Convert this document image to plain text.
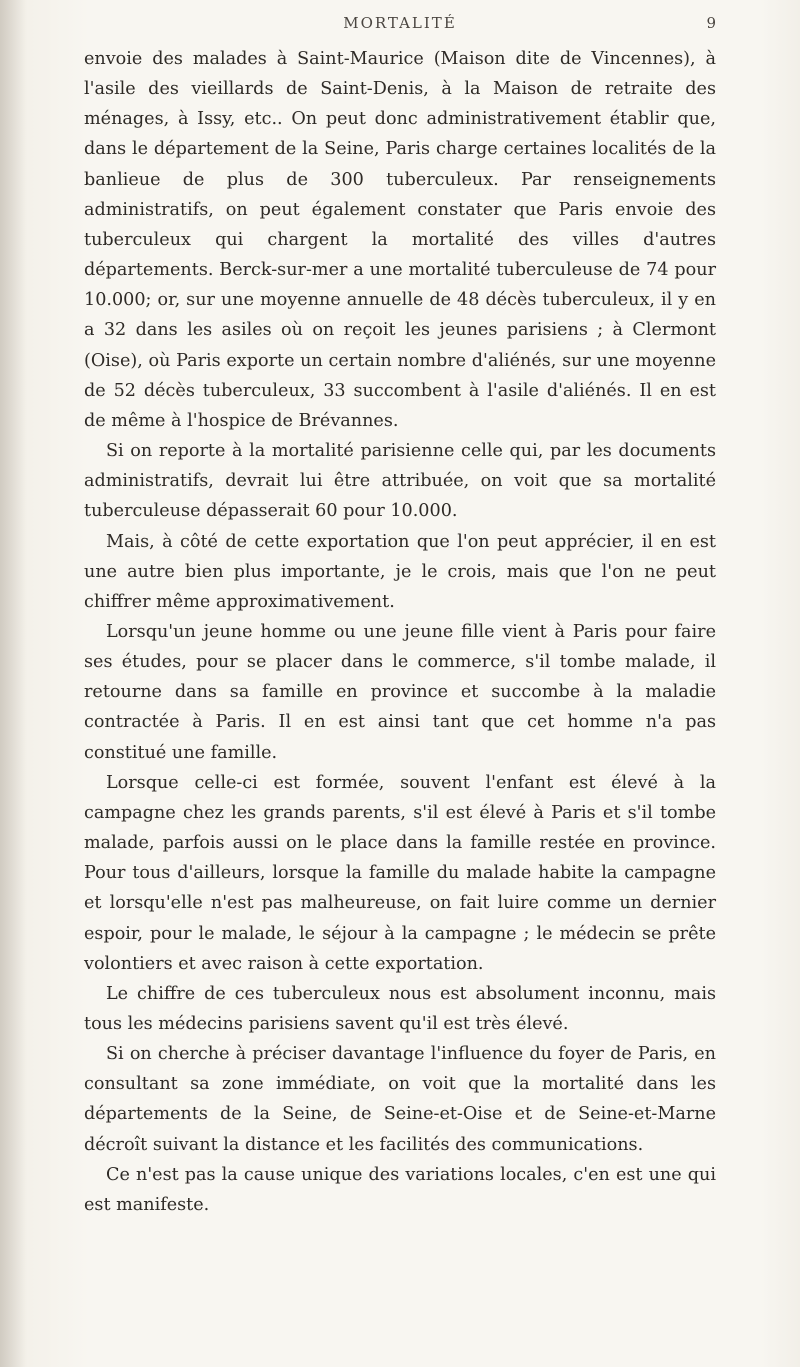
MORTALITÉ	9

envoie des malades à Saint-Maurice (Maison dite de Vincennes), à l'asile des vieillards de Saint-Denis, à la Maison de retraite des ménages, à Issy, etc.. On peut donc administrativement établir que, dans le département de la Seine, Paris charge certaines localités de la banlieue de plus de 300 tuberculeux. Par renseignements administratifs, on peut également constater que Paris envoie des tuberculeux qui chargent la mortalité des villes d'autres départements. Berck-sur-mer a une mortalité tuberculeuse de 74 pour 10.000; or, sur une moyenne annuelle de 48 décès tuberculeux, il y en a 32 dans les asiles où on reçoit les jeunes parisiens ; à Clermont (Oise), où Paris exporte un certain nombre d'aliénés, sur une moyenne de 52 décès tuberculeux, 33 succombent à l'asile d'aliénés. Il en est de même à l'hospice de Brévannes.

Si on reporte à la mortalité parisienne celle qui, par les documents administratifs, devrait lui être attribuée, on voit que sa mortalité tuberculeuse dépasserait 60 pour 10.000.

Mais, à côté de cette exportation que l'on peut apprécier, il en est une autre bien plus importante, je le crois, mais que l'on ne peut chiffrer même approximativement.

Lorsqu'un jeune homme ou une jeune fille vient à Paris pour faire ses études, pour se placer dans le commerce, s'il tombe malade, il retourne dans sa famille en province et succombe à la maladie contractée à Paris. Il en est ainsi tant que cet homme n'a pas constitué une famille.

Lorsque celle-ci est formée, souvent l'enfant est élevé à la campagne chez les grands parents, s'il est élevé à Paris et s'il tombe malade, parfois aussi on le place dans la famille restée en province. Pour tous d'ailleurs, lorsque la famille du malade habite la campagne et lorsqu'elle n'est pas malheureuse, on fait luire comme un dernier espoir, pour le malade, le séjour à la campagne ; le médecin se prête volontiers et avec raison à cette exportation.

Le chiffre de ces tuberculeux nous est absolument inconnu, mais tous les médecins parisiens savent qu'il est très élevé.

Si on cherche à préciser davantage l'influence du foyer de Paris, en consultant sa zone immédiate, on voit que la mortalité dans les départements de la Seine, de Seine-et-Oise et de Seine-et-Marne décroît suivant la distance et les facilités des communications.

Ce n'est pas la cause unique des variations locales, c'en est une qui est manifeste.
